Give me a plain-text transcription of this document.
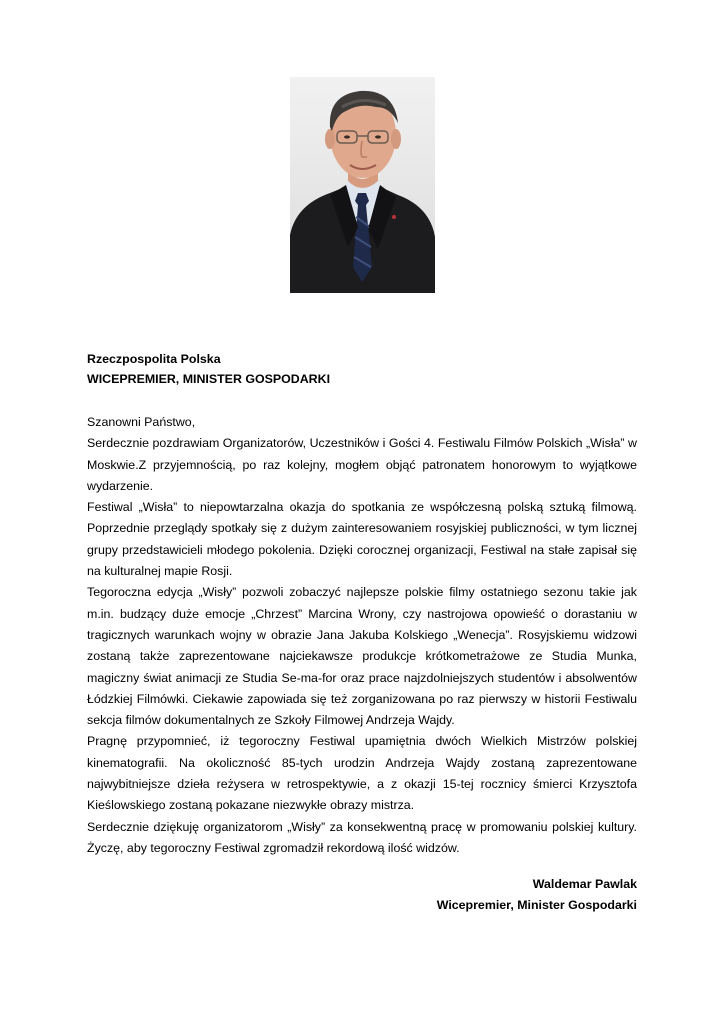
Rzeczpospolita Polska
WICEPREMIER, MINISTER GOSPODARKI

Szanowni Państwo,

Serdecznie pozdrawiam Organizatorów, Uczestników i Gości 4. Festiwalu Filmów Polskich „Wisła” w Moskwie.Z przyjemnością, po raz kolejny, mogłem objąć patronatem honorowym to wyjątkowe wydarzenie.

Festiwal „Wisła” to niepowtarzalna okazja do spotkania ze współczesną polską sztuką filmową. Poprzednie przeglądy spotkały się z dużym zainteresowaniem rosyjskiej publiczności, w tym licznej grupy przedstawicieli młodego pokolenia. Dzięki corocznej organizacji, Festiwal na stałe zapisał się na kulturalnej mapie Rosji.

Tegoroczna edycja „Wisły” pozwoli zobaczyć najlepsze polskie filmy ostatniego sezonu takie jak m.in. budzący duże emocje „Chrzest” Marcina Wrony, czy nastrojowa opowieść o dorastaniu w tragicznych warunkach wojny w obrazie Jana Jakuba Kolskiego „Wenecja”. Rosyjskiemu widzowi zostaną także zaprezentowane najciekawsze produkcje krótkometrażowe ze Studia Munka, magiczny świat animacji ze Studia Se-ma-for oraz prace najzdolniejszych studentów i absolwentów Łódzkiej Filmówki. Ciekawie zapowiada się też zorganizowana po raz pierwszy w historii Festiwalu sekcja filmów dokumentalnych ze Szkoły Filmowej Andrzeja Wajdy.

Pragnę przypomnieć, iż tegoroczny Festiwal upamiętnia dwóch Wielkich Mistrzów polskiej kinematografii. Na okoliczność 85-tych urodzin Andrzeja Wajdy zostaną zaprezentowane najwybitniejsze dzieła reżysera w retrospektywie, a z okazji 15-tej rocznicy śmierci Krzysztofa Kieślowskiego zostaną pokazane niezwykłe obrazy mistrza.

Serdecznie dziękuję organizatorom „Wisły” za konsekwentną pracę w promowaniu polskiej kultury. Życzę, aby tegoroczny Festiwal zgromadził rekordową ilość widzów.

Waldemar Pawlak
Wicepremier, Minister Gospodarki
